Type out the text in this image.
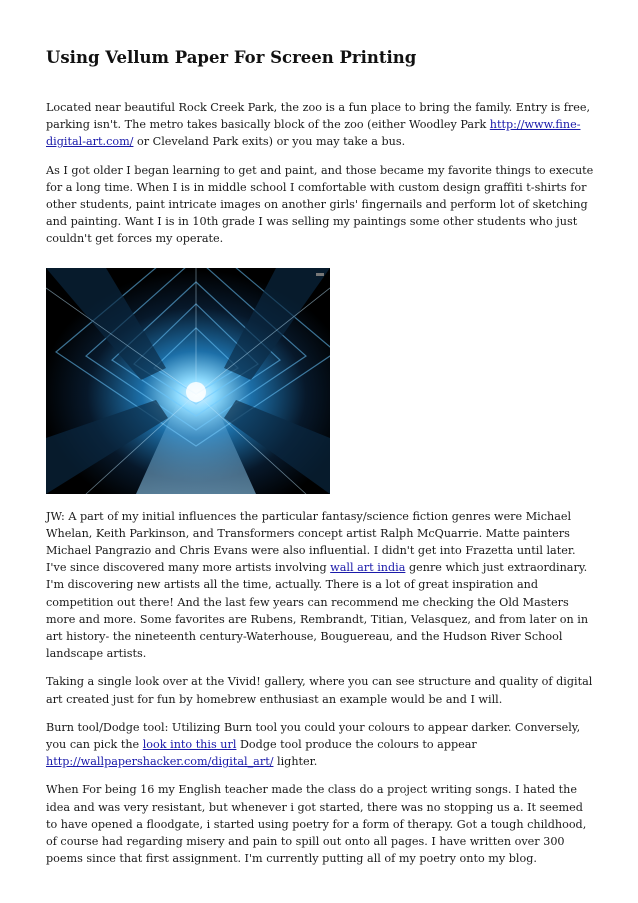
Using Vellum Paper For Screen Printing

Located near beautiful Rock Creek Park, the zoo is a fun place to bring the family. Entry is free, parking isn't. The metro takes basically block of the zoo (either Woodley Park http://www.fine-digital-art.com/ or Cleveland Park exits) or you may take a bus.

As I got older I began learning to get and paint, and those became my favorite things to execute for a long time. When I is in middle school I comfortable with custom design graffiti t-shirts for other students, paint intricate images on another girls' fingernails and perform lot of sketching and painting. Want I is in 10th grade I was selling my paintings some other students who just couldn't get forces my operate.

JW: A part of my initial influences the particular fantasy/science fiction genres were Michael Whelan, Keith Parkinson, and Transformers concept artist Ralph McQuarrie. Matte painters Michael Pangrazio and Chris Evans were also influential. I didn't get into Frazetta until later. I've since discovered many more artists involving wall art india genre which just extraordinary. I'm discovering new artists all the time, actually. There is a lot of great inspiration and competition out there! And the last few years can recommend me checking the Old Masters more and more. Some favorites are Rubens, Rembrandt, Titian, Velasquez, and from later on in art history- the nineteenth century-Waterhouse, Bouguereau, and the Hudson River School landscape artists.

Taking a single look over at the Vivid! gallery, where you can see structure and quality of digital art created just for fun by homebrew enthusiast an example would be and I will.

Burn tool/Dodge tool: Utilizing Burn tool you could your colours to appear darker. Conversely, you can pick the look into this url Dodge tool produce the colours to appear http://wallpapershacker.com/digital_art/ lighter.

When For being 16 my English teacher made the class do a project writing songs. I hated the idea and was very resistant, but whenever i got started, there was no stopping us a. It seemed to have opened a floodgate, i started using poetry for a form of therapy. Got a tough childhood, of course had regarding misery and pain to spill out onto all pages. I have written over 300 poems since that first assignment. I'm currently putting all of my poetry onto my blog.
